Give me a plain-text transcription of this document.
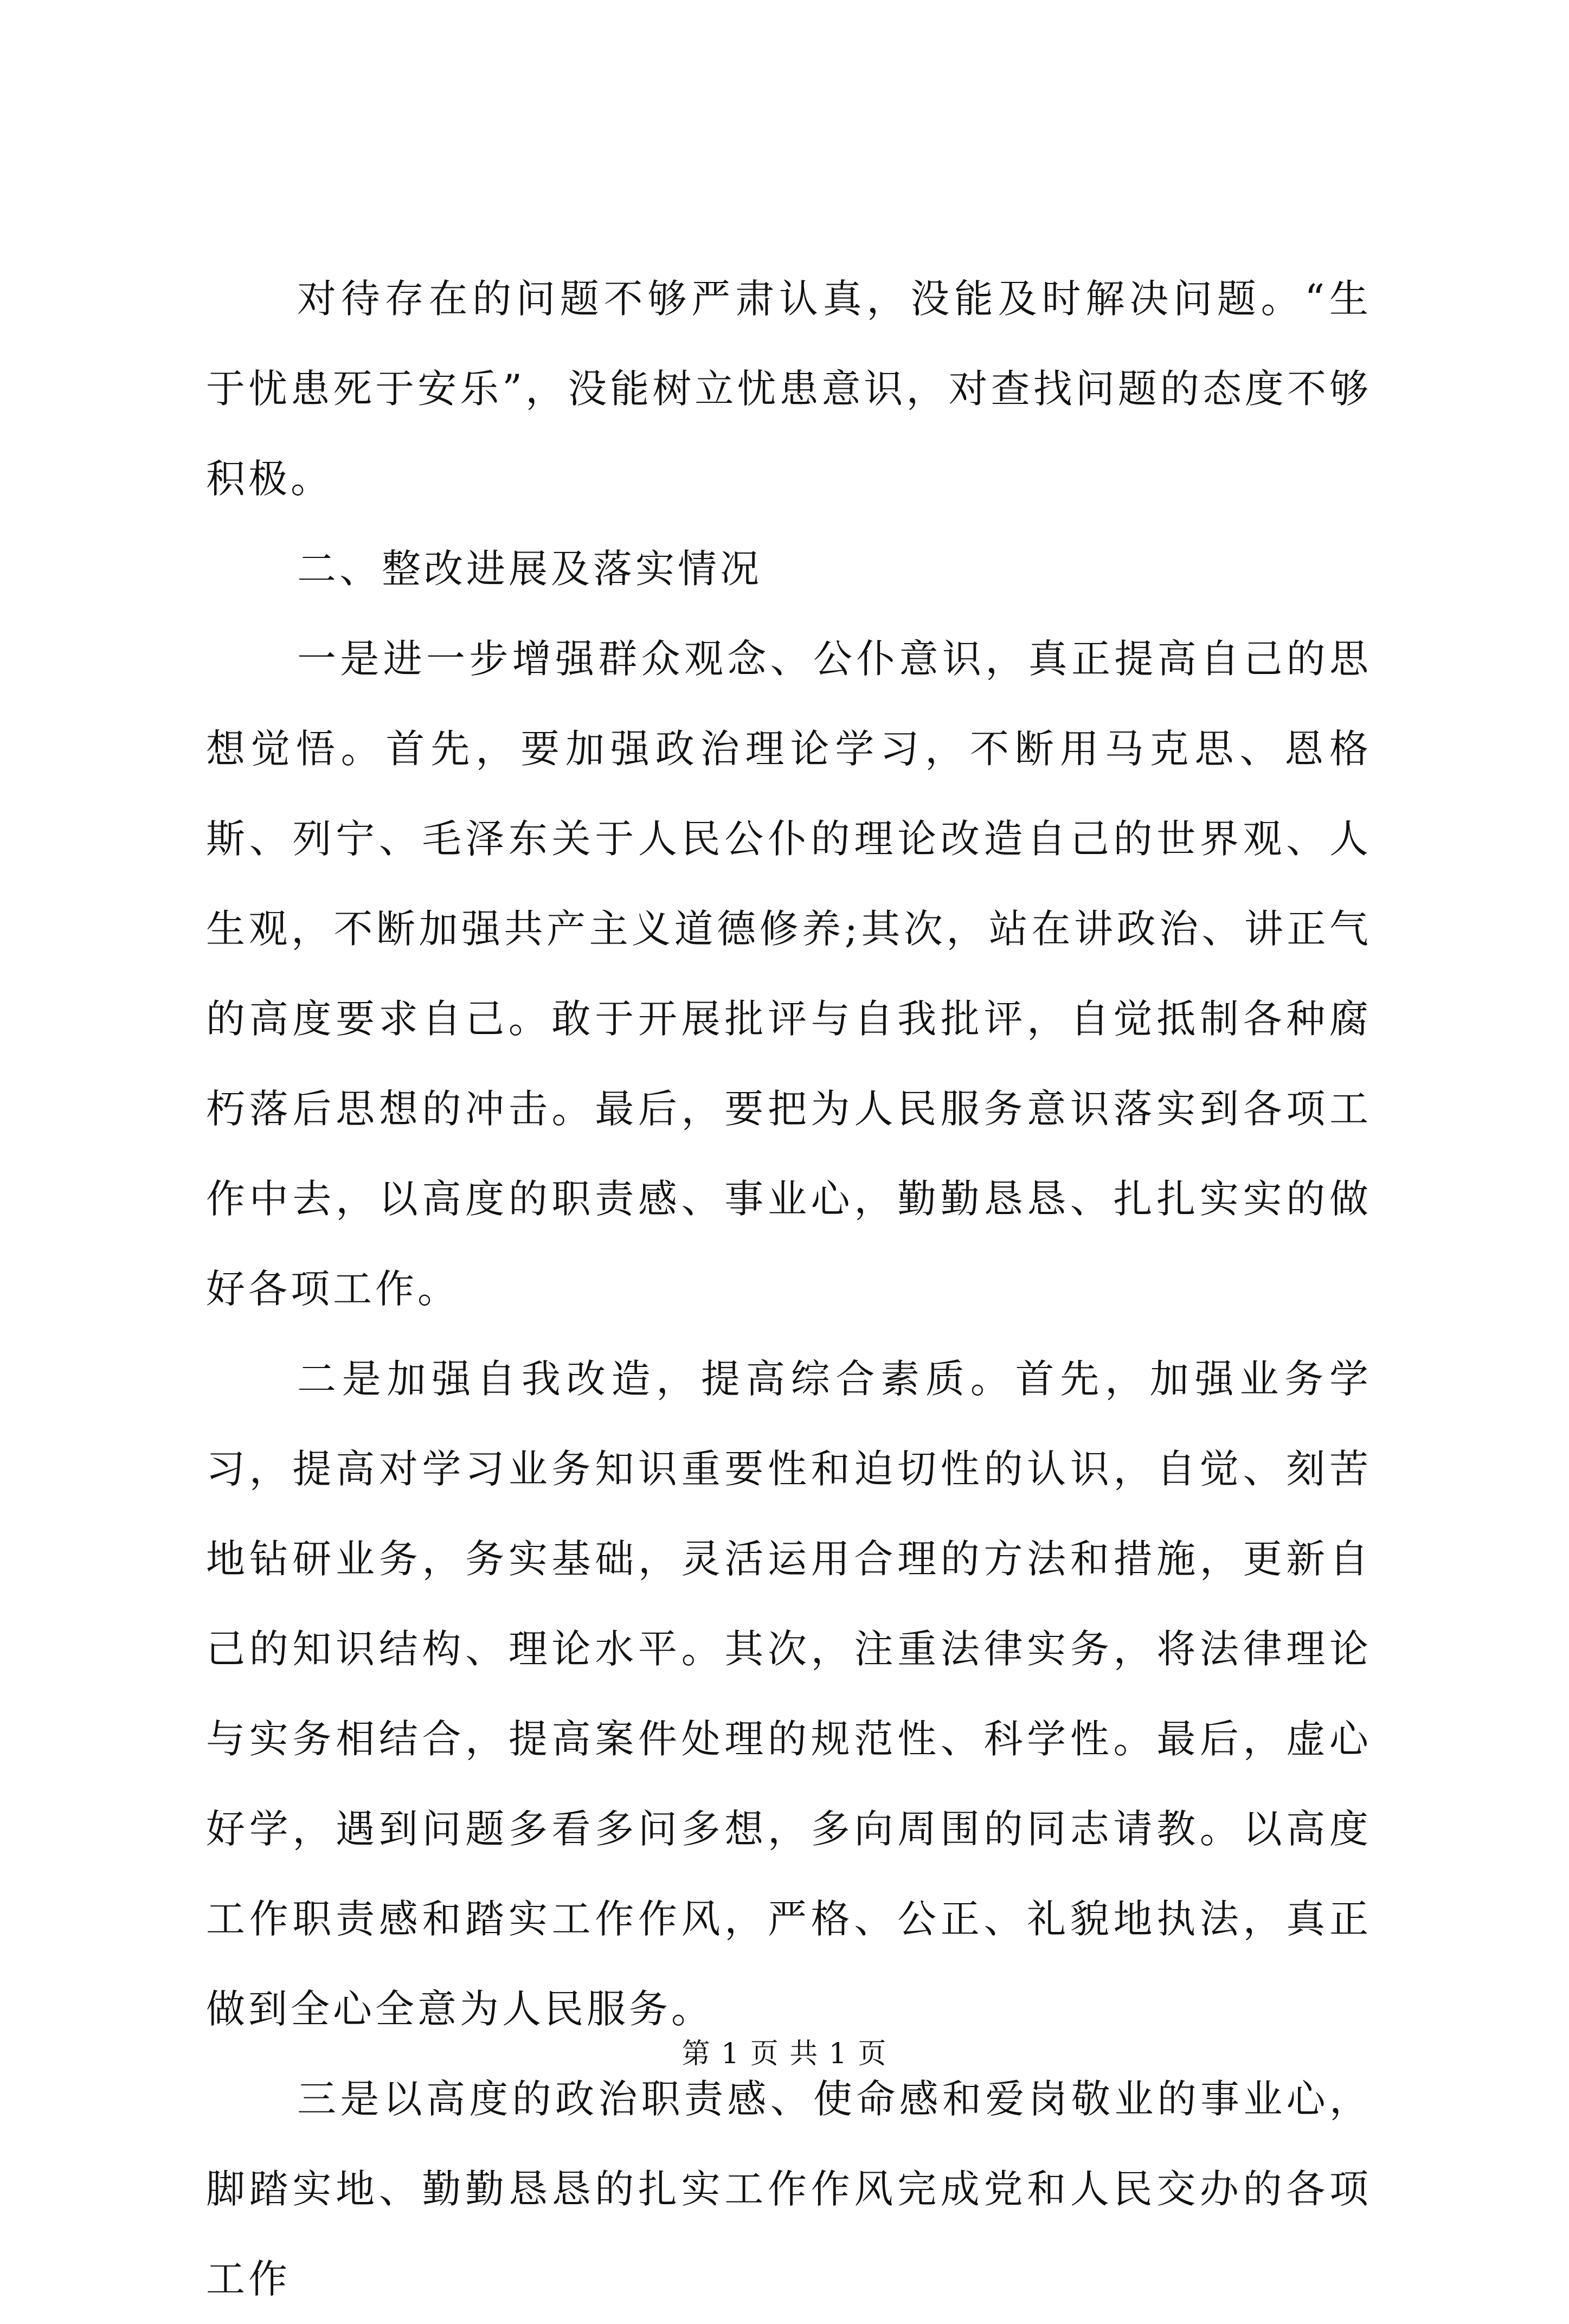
对待存在的问题不够严肃认真，没能及时解决问题。“生于忧患死于安乐”，没能树立忧患意识，对查找问题的态度不够积极。

二、整改进展及落实情况

一是进一步增强群众观念、公仆意识，真正提高自己的思想觉悟。首先，要加强政治理论学习，不断用马克思、恩格斯、列宁、毛泽东关于人民公仆的理论改造自己的世界观、人生观，不断加强共产主义道德修养;其次，站在讲政治、讲正气的高度要求自己。敢于开展批评与自我批评，自觉抵制各种腐朽落后思想的冲击。最后，要把为人民服务意识落实到各项工作中去，以高度的职责感、事业心，勤勤恳恳、扎扎实实的做好各项工作。

二是加强自我改造，提高综合素质。首先，加强业务学习，提高对学习业务知识重要性和迫切性的认识，自觉、刻苦地钻研业务，务实基础，灵活运用合理的方法和措施，更新自己的知识结构、理论水平。其次，注重法律实务，将法律理论与实务相结合，提高案件处理的规范性、科学性。最后，虚心好学，遇到问题多看多问多想，多向周围的同志请教。以高度工作职责感和踏实工作作风，严格、公正、礼貌地执法，真正做到全心全意为人民服务。

三是以高度的政治职责感、使命感和爱岗敬业的事业心，脚踏实地、勤勤恳恳的扎实工作作风完成党和人民交办的各项工作

第 1 页 共 1 页
